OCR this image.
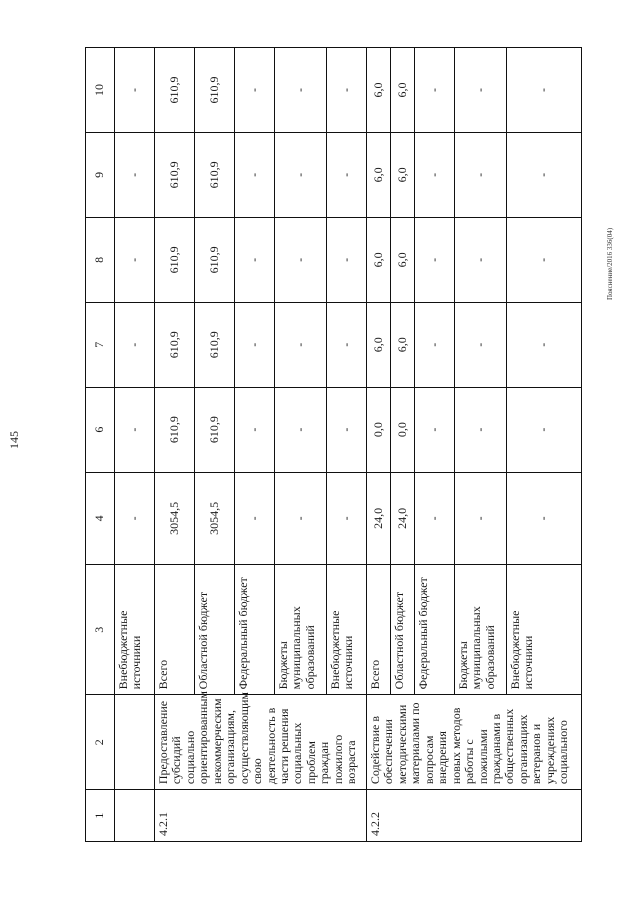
145
Пояснение/2016 336(04)
1	2	3	4	6	7	8	9	10
		Внебюджетные источники	-	-	-	-	-	-
4.2.1	Предоставление субсидий социально ориентированным некоммерческим организациям, осуществляющим свою деятельность в части решения социальных проблем граждан пожилого возраста	Всего	3054,5	610,9	610,9	610,9	610,9	610,9
		Областной бюджет	3054,5	610,9	610,9	610,9	610,9	610,9
		Федеральный бюджет	-	-	-	-	-	-
		Бюджеты муниципальных образований	-	-	-	-	-	-
		Внебюджетные источники	-	-	-	-	-	-
4.2.2	Содействие в обеспечении методическими материалами по вопросам внедрения новых методов работы с пожилыми гражданами в общественных организациях ветеранов и учреждениях социального	Всего	24,0	0,0	6,0	6,0	6,0	6,0
		Областной бюджет	24,0	0,0	6,0	6,0	6,0	6,0
		Федеральный бюджет	-	-	-	-	-	-
		Бюджеты муниципальных образований	-	-	-	-	-	-
		Внебюджетные источники	-	-	-	-	-	-
